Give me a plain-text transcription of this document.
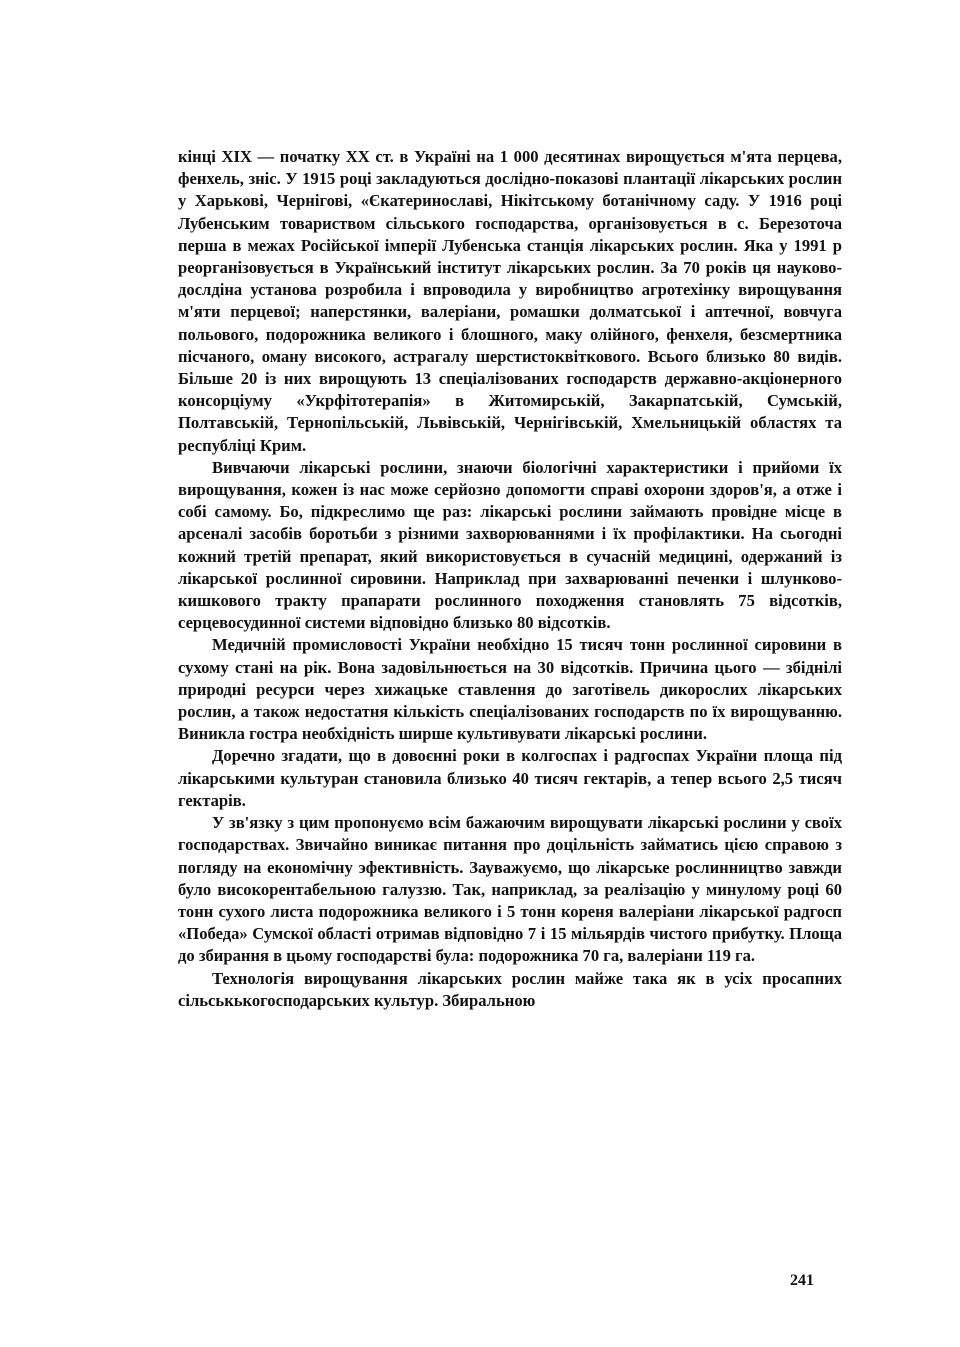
кінці XIX — початку XX ст. в Україні на 1 000 десятинах вирощується м'ята перцева, фенхель, зніс. У 1915 році закладуються дослідно-показові плантації лікарських рослин у Харькові, Чернігові, «Єкатеринославі, Нікітському ботанічному саду. У 1916 році Лубенським товариством сільського господарства, організовується в с. Березоточа перша в межах Російської імперії Лубенська станція лікарських рослин. Яка у 1991 р реорганізовується в Український інститут лікарських рослин. За 70 років ця науково-дослдіна установа розробила і впроводила у виробництво агротехінку вирощування м'яти перцевої; наперстянки, валеріани, ромашки долматської і аптечної, вовчуга польового, подорожника великого і блошного, маку олійного, фенхеля, безсмертника пісчаного, оману високого, астрагалу шерстистоквіткового. Всього близько 80 видів. Більше 20 із них вирощують 13 спеціалізованих господарств державно-акціонерного консорціуму «Укрфітотерапія» в Житомирській, Закарпатській, Сумській, Полтавській, Тернопільській, Львівській, Чернігівській, Хмельницькій областях та республіці Крим.

Вивчаючи лікарські рослини, знаючи біологічні характеристики і прийоми їх вирощування, кожен із нас може серйозно допомогти справі охорони здоров'я, а отже і собі самому. Бо, підкреслимо ще раз: лікарські рослини займають провідне місце в арсеналі засобів боротьби з різними захворюваннями і їх профілактики. На сьогодні кожний третій препарат, який використовується в сучасній медицині, одержаний із лікарської рослинної сировини. Наприклад при захварюванні печенки і шлунково-кишкового тракту прапарати рослинного походження становлять 75 відсотків, серцевосудинної системи відповідно близько 80 відсотків.

Медичній промисловості України необхідно 15 тисяч тонн рослинної сировини в сухому стані на рік. Вона задовільнюється на 30 відсотків. Причина цього — збіднілі природні ресурси через хижацьке ставлення до заготівель дикорослих лікарських рослин, а також недостатня кількість спеціалізованих господарств по їх вирощуванню. Виникла гостра необхідність ширше культивувати лікарські рослини.

Доречно згадати, що в довоєнні роки в колгоспах і радгоспах України площа під лікарськими культуран становила близько 40 тисяч гектарів, а тепер всього 2,5 тисяч гектарів.

У зв'язку з цим пропонуємо всім бажаючим вирощувати лікарські рослини у своїх господарствах. Звичайно виникає питання про доцільність займатись цією справою з погляду на економічну эфективність. Зауважуємо, що лікарське рослинництво завжди було високорентабельною галуззю. Так, наприклад, за реалізацію у минулому році 60 тонн сухого листа подорожника великого і 5 тонн кореня валеріани лікарської радгосп «Победа» Сумскої області отримав відповідно 7 і 15 мільярдів чистого прибутку. Площа до збирання в цьому господарстві була: подорожника 70 га, валеріани 119 га.

Технологія вирощування лікарських рослин майже така як в усіх просапних сільськькогосподарських культур. Збиральною

241
